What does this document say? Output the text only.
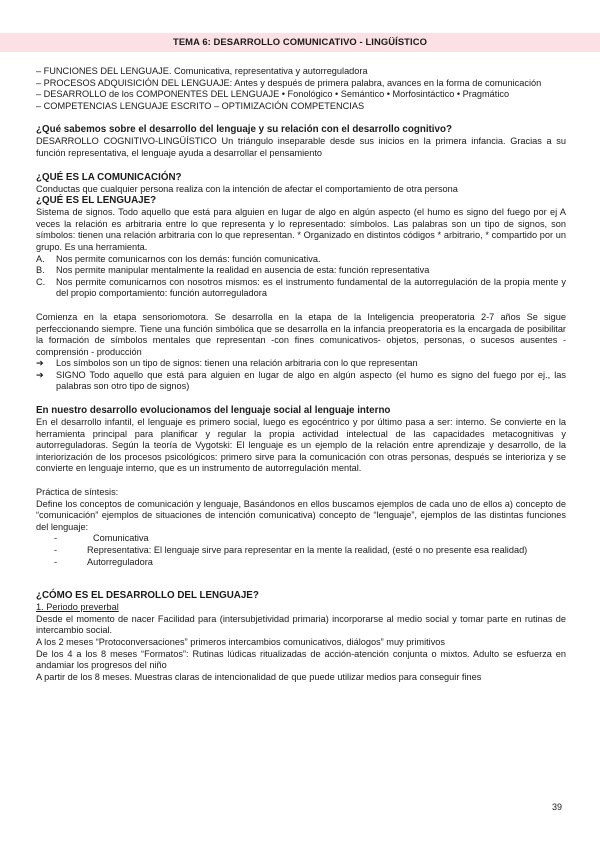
TEMA 6: DESARROLLO COMUNICATIVO - LINGÜÍSTICO

– FUNCIONES DEL LENGUAJE. Comunicativa, representativa y autorreguladora

– PROCESOS ADQUISICIÓN DEL LENGUAJE: Antes y después de primera palabra, avances en la forma de comunicación

– DESARROLLO de los COMPONENTES DEL LENGUAJE • Fonológico • Semántico • Morfosintáctico • Pragmático

– COMPETENCIAS LENGUAJE ESCRITO – OPTIMIZACIÓN COMPETENCIAS

¿Qué sabemos sobre el desarrollo del lenguaje y su relación con el desarrollo cognitivo?

DESARROLLO COGNITIVO-LINGÜÍSTICO Un triángulo inseparable desde sus inicios en la primera infancia. Gracias a su función representativa, el lenguaje ayuda a desarrollar el pensamiento

¿QUÉ ES LA COMUNICACIÓN?

Conductas que cualquier persona realiza con la intención de afectar el comportamiento de otra persona

¿QUÉ ES EL LENGUAJE?

Sistema de signos. Todo aquello que está para alguien en lugar de algo en algún aspecto (el humo es signo del fuego por ej A veces la relación es arbitraria entre lo que representa y lo representado: símbolos. Las palabras son un tipo de signos, son símbolos: tienen una relación arbitraria con lo que representan. * Organizado en distintos códigos * arbitrario, * compartido por un grupo. Es una herramienta.

A.	Nos permite comunicarnos con los demás: función comunicativa.
B.	Nos permite manipular mentalmente la realidad en ausencia de esta: función representativa
C.	Nos permite comunicarnos con nosotros mismos: es el instrumento fundamental de la autorregulación de la propia mente y del propio comportamiento: función autorreguladora

Comienza en la etapa sensoriomotora. Se desarrolla en la etapa de la Inteligencia preoperatoria 2-7 años Se sigue perfeccionando siempre. Tiene una función simbólica que se desarrolla en la infancia preoperatoria es la encargada de posibilitar la formación de símbolos mentales que representan -con fines comunicativos- objetos, personas, o sucesos ausentes - comprensión - producción

➔	Los símbolos son un tipo de signos: tienen una relación arbitraria con lo que representan
➔	SIGNO Todo aquello que está para alguien en lugar de algo en algún aspecto (el humo es signo del fuego por ej., las palabras son otro tipo de signos)

En nuestro desarrollo evolucionamos del lenguaje social al lenguaje interno

En el desarrollo infantil, el lenguaje es primero social, luego es egocéntrico y por último pasa a ser: interno. Se convierte en la herramienta principal para planificar y regular la propia actividad intelectual de las capacidades metacognitivas y autorreguladoras. Según la teoría de Vygotski: El lenguaje es un ejemplo de la relación entre aprendizaje y desarrollo, de la interiorización de los procesos psicológicos: primero sirve para la comunicación con otras personas, después se interioriza y se convierte en lenguaje interno, que es un instrumento de autorregulación mental.

Práctica de síntesis:

Define los conceptos de comunicación y lenguaje, Basándonos en ellos buscamos ejemplos de cada uno de ellos a) concepto de “comunicación” ejemplos de situaciones de intención comunicativa) concepto de “lenguaje”, ejemplos de las distintas funciones del lenguaje:

-	Comunicativa
-	Representativa: El lenguaje sirve para representar en la mente la realidad, (esté o no presente esa realidad)
-	Autorreguladora

¿CÓMO ES EL DESARROLLO DEL LENGUAJE?

1. Periodo preverbal

Desde el momento de nacer Facilidad para (intersubjetividad primaria) incorporarse al medio social y tomar parte en rutinas de intercambio social.

A los 2 meses “Protoconversaciones” primeros intercambios comunicativos, diálogos” muy primitivos

De los 4 a los 8 meses “Formatos”: Rutinas lúdicas ritualizadas de acción-atención conjunta o mixtos. Adulto se esfuerza en andamiar los progresos del niño

A partir de los 8 meses. Muestras claras de intencionalidad de que puede utilizar medios para conseguir fines

39
